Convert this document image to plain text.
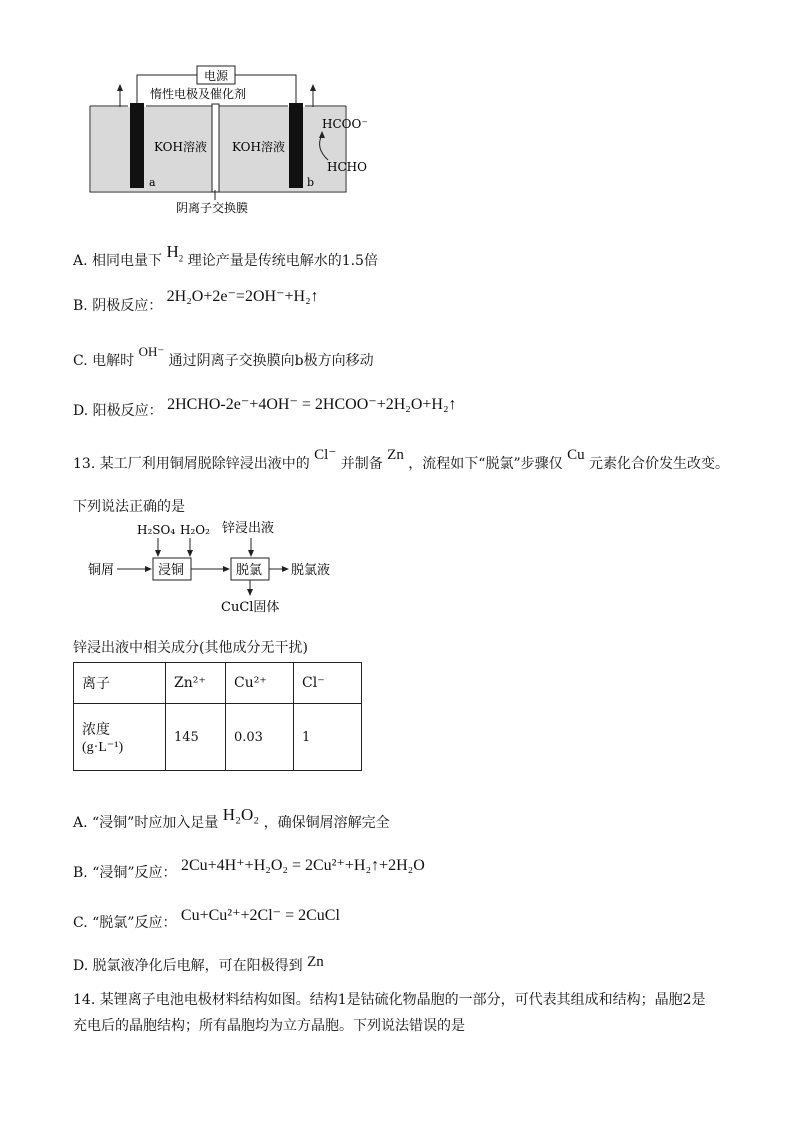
电源
惰性电极及催化剂
a	b
KOH溶液 KOH溶液
HCOO⁻
HCHO
阴离子交换膜
A. 相同电量下 $H_2$ 理论产量是传统电解水的1.5倍
B. 阴极反应： 2H₂O+2e⁻=2OH⁻+H₂↑
C. 电解时 OH⁻ 通过阴离子交换膜向b极方向移动
D. 阳极反应： 2HCHO-2e⁻+4OH⁻ = 2HCOO⁻+2H₂O+H₂↑
13. 某工厂利用铜屑脱除锌浸出液中的 Cl⁻ 并制备 Zn ，流程如下“脱氯”步骤仅 Cu 元素化合价发生改变。
下列说法正确的是
H₂SO₄ H₂O₂ 锌浸出液
铜屑	浸铜	脱氯 脱氯液
CuCl固体
锌浸出液中相关成分(其他成分无干扰)
离子	Zn²⁺	Cu²⁺	Cl⁻

浓度
(g·L⁻¹)	145	0.03	1
A. “浸铜”时应加入足量 H₂O₂ ，确保铜屑溶解完全
B. “浸铜”反应： 2Cu+4H⁺+H₂O₂ = 2Cu²⁺+H₂↑+2H₂O
C. “脱氯”反应： Cu+Cu²⁺+2Cl⁻ = 2CuCl
D. 脱氯液净化后电解，可在阳极得到 Zn
14. 某锂离子电池电极材料结构如图。结构1是钴硫化物晶胞的一部分，可代表其组成和结构；晶胞2是
充电后的晶胞结构；所有晶胞均为立方晶胞。下列说法错误的是
